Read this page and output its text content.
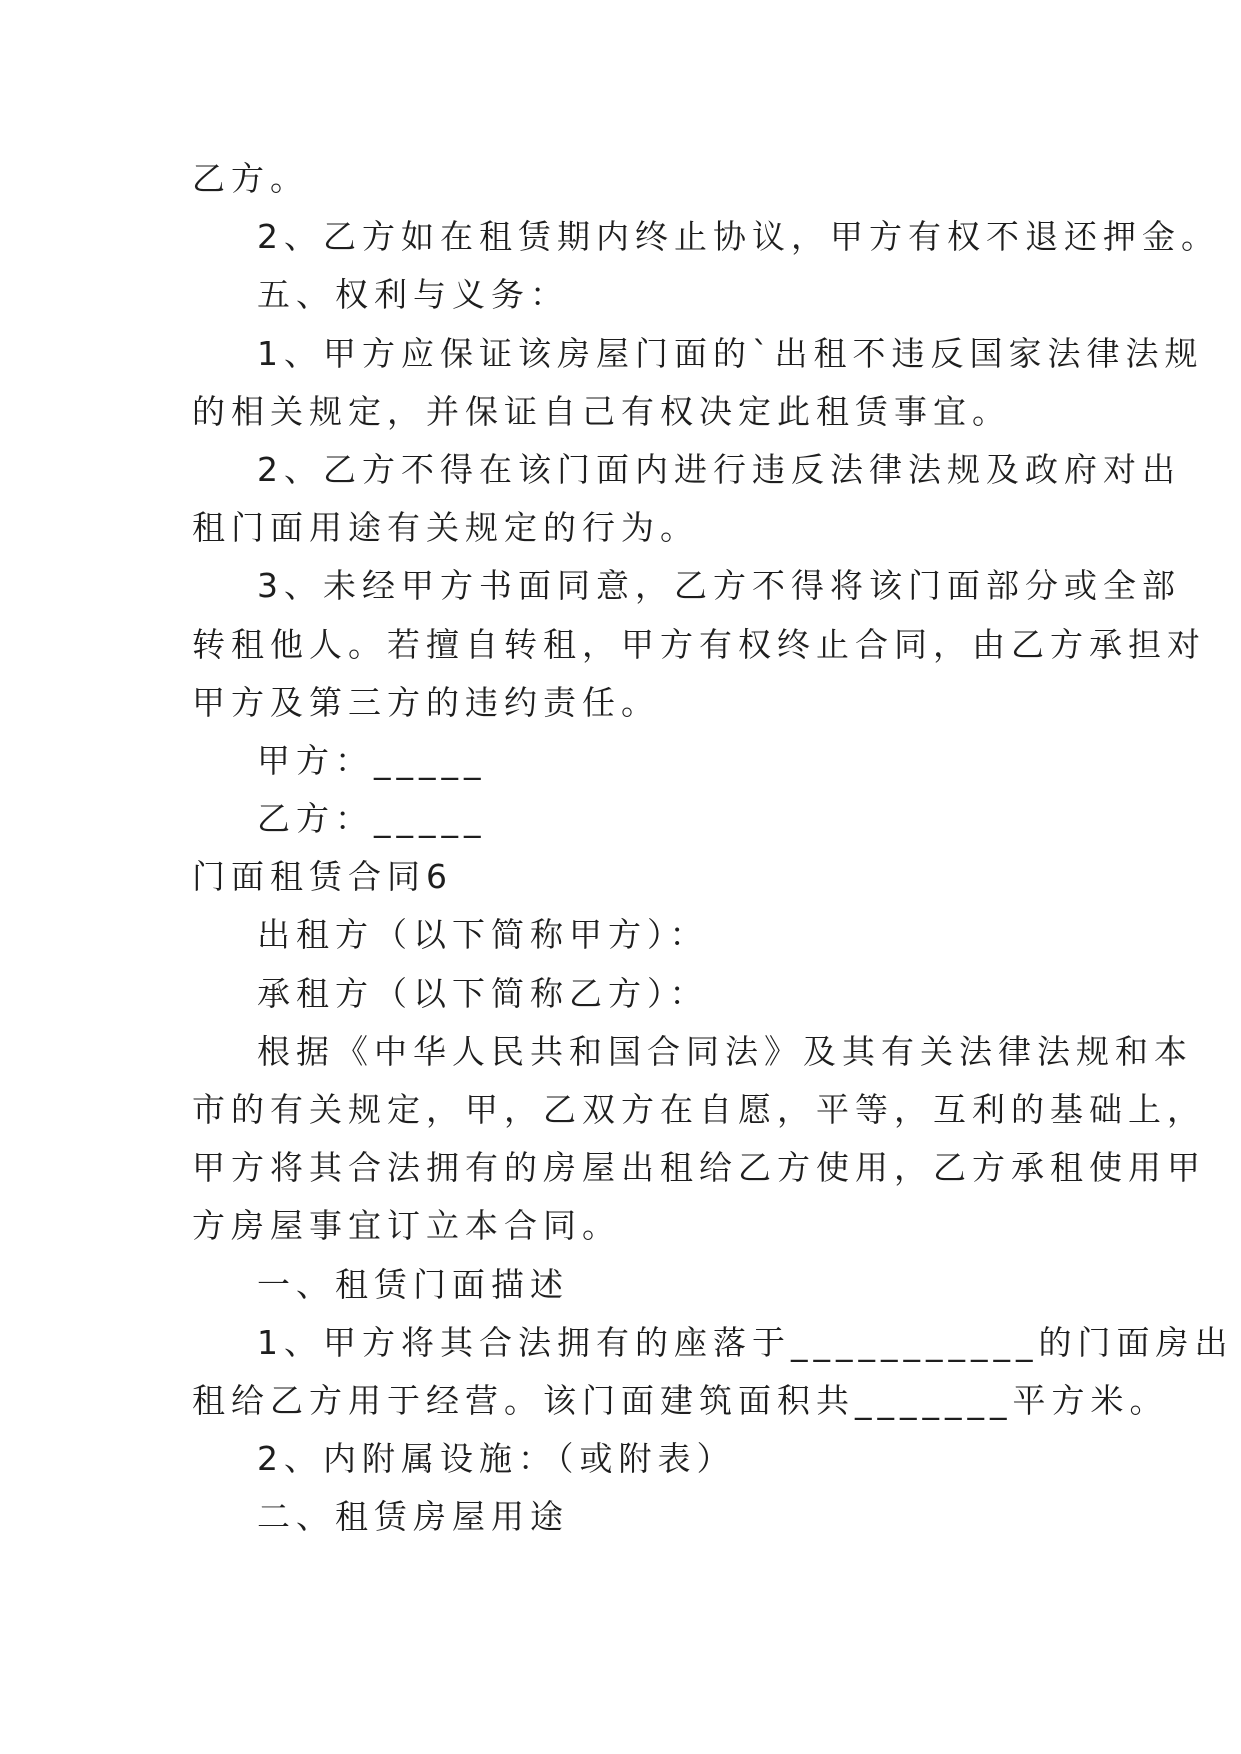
乙方。
2、乙方如在租赁期内终止协议，甲方有权不退还押金。
五、权利与义务：
1、甲方应保证该房屋门面的`出租不违反国家法律法规
的相关规定，并保证自己有权决定此租赁事宜。
2、乙方不得在该门面内进行违反法律法规及政府对出
租门面用途有关规定的行为。
3、未经甲方书面同意，乙方不得将该门面部分或全部
转租他人。若擅自转租，甲方有权终止合同，由乙方承担对
甲方及第三方的违约责任。
甲方：_____
乙方：_____
门面租赁合同6
出租方（以下简称甲方）：
承租方（以下简称乙方）：
根据《中华人民共和国合同法》及其有关法律法规和本
市的有关规定，甲，乙双方在自愿，平等，互利的基础上，
甲方将其合法拥有的房屋出租给乙方使用，乙方承租使用甲
方房屋事宜订立本合同。
一、租赁门面描述
1、甲方将其合法拥有的座落于___________的门面房出
租给乙方用于经营。该门面建筑面积共_______平方米。
2、内附属设施：（或附表）
二、租赁房屋用途
